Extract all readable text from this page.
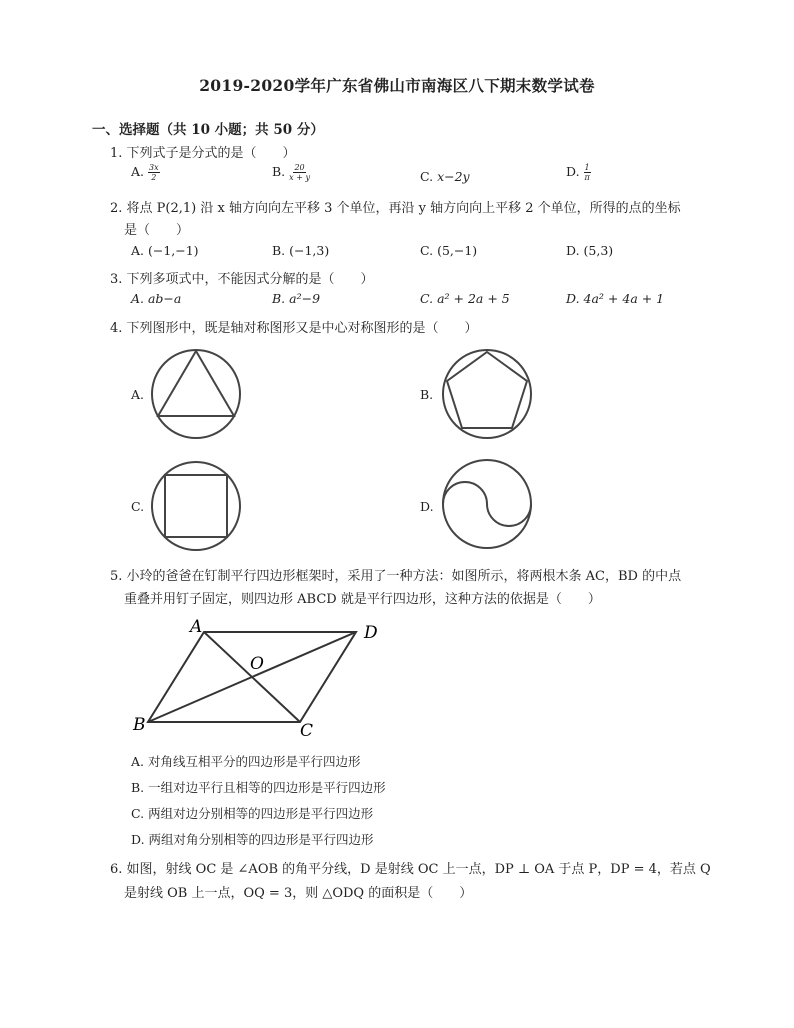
2019-2020学年广东省佛山市南海区八下期末数学试卷
一、选择题（共 10 小题；共 50 分）
1. 下列式子是分式的是（　　）
A. $\frac{3x}{2}$	B. $\frac{20}{x + y}$	C. x−2y	D. $\frac{1}{\pi}$
2. 将点 P(2,1) 沿 x 轴方向向左平移 3 个单位，再沿 y 轴方向向上平移 2 个单位，所得的点的坐标
是（　　）
A. (−1,−1)	B. (−1,3)	C. (5,−1)	D. (5,3)
3. 下列多项式中，不能因式分解的是（　　）
A. ab−a	B. a²−9	C. a² + 2a + 5	D. 4a² + 4a + 1
4. 下列图形中，既是轴对称图形又是中心对称图形的是（　　）
A.	B.
C.	D.
5. 小玲的爸爸在钉制平行四边形框架时，采用了一种方法：如图所示，将两根木条 AC，BD 的中点
重叠并用钉子固定，则四边形 ABCD 就是平行四边形，这种方法的依据是（　　）
A	D
O
B	C
A. 对角线互相平分的四边形是平行四边形
B. 一组对边平行且相等的四边形是平行四边形
C. 两组对边分别相等的四边形是平行四边形
D. 两组对角分别相等的四边形是平行四边形
6. 如图，射线 OC 是 ∠AOB 的角平分线，D 是射线 OC 上一点，DP ⊥ OA 于点 P，DP = 4，若点 Q
是射线 OB 上一点，OQ = 3，则 △ODQ 的面积是（　　）
